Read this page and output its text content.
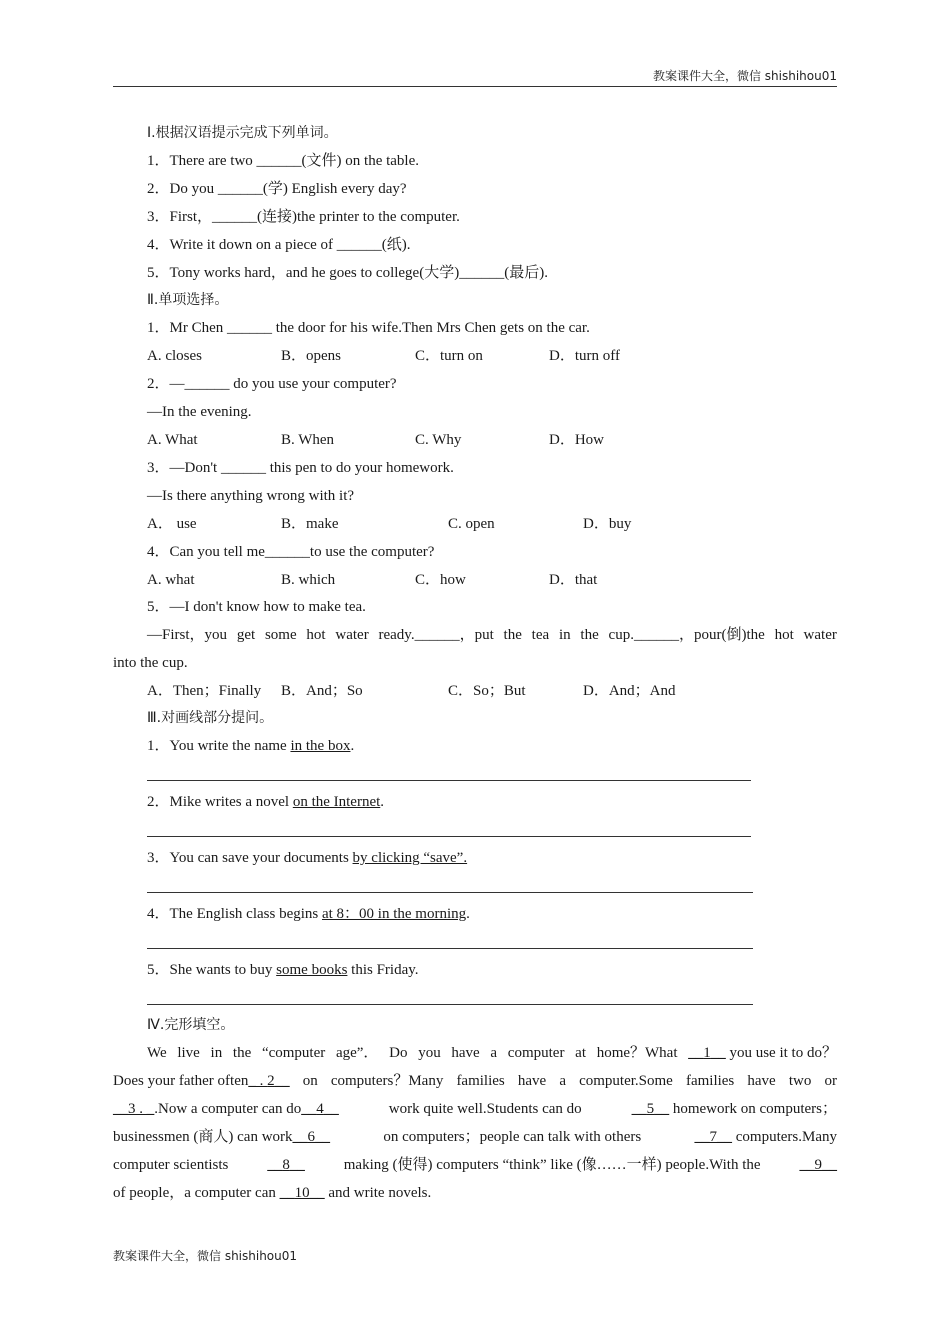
教案课件大全，微信 shishihou01
Ⅰ.根据汉语提示完成下列单词。
1．There are two ______(文件) on the table.
2．Do you ______(学) English every day?
3．First，______(连接)the printer to the computer.
4．Write it down on a piece of ______(纸).
5．Tony works hard，and he goes to college(大学)______(最后).
Ⅱ.单项选择。
1．Mr Chen ______ the door for his wife.Then Mrs Chen gets on the car.
A. closes	B．opens	C．turn on	D．turn off
2．—______ do you use your computer?
—In the evening.
A. What	B. When	C. Why	D．How
3．—Don't ______ this pen to do your homework.
—Is there anything wrong with it?
A． use	B．make	C. open	D．buy
4．Can you tell me______to use the computer?
A. what	B. which	C．how	D．that
5．—I don't know how to make tea.
—First，you get some hot water ready.______，put the tea in the cup.______，pour(倒)the hot water
into the cup.
A．Then；Finally B．And；So	C．So；But	D．And；And
Ⅲ.对画线部分提问。
1．You write the name in the box.
2．Mike writes a novel on the Internet.
3．You can save your documents by clicking “save”.
4．The English class begins at 8：00 in the morning.
5．She wants to buy some books this Friday.
Ⅳ.完形填空。
We live in the “computer age”． Do you have a computer at home？What __1__ you use it to do？
Does your father often_ . 2__ on computers？Many families have a computer.Some families have two or
__3 . _.Now a computer can do__4__	work quite well.Students can do	__5__ homework on computers；
businessmen (商人) can work__6__	on computers；people can talk with others	__7__ computers.Many
computer scientists	__8__	making (使得) computers “think” like (像……一样) people.With the	__9__
of people，a computer can __10__ and write novels.
教案课件大全，微信 shishihou01
